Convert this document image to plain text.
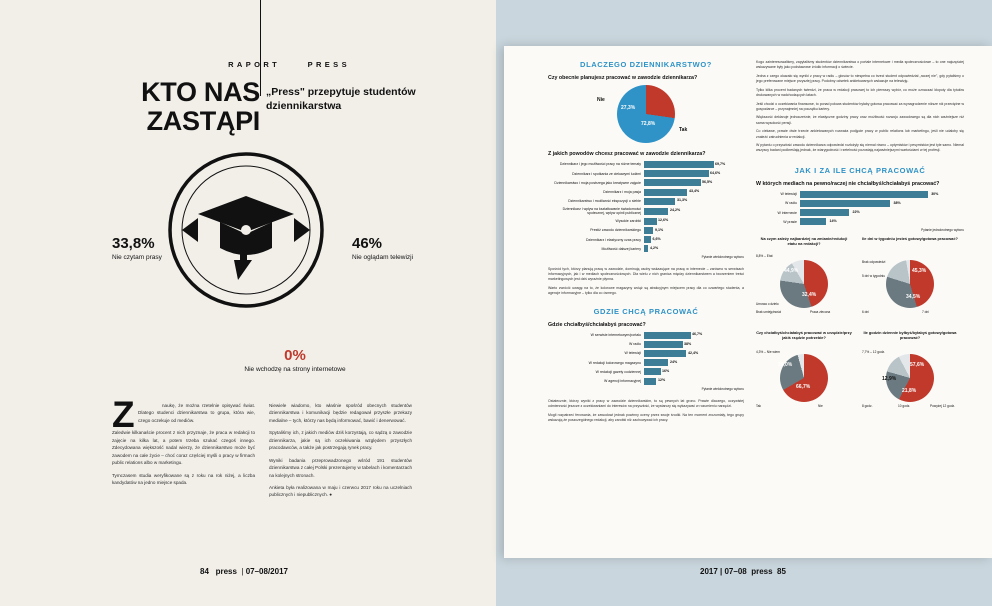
RAPORT	PRESS
KTO NAS ZASTĄPI
„Press" przepytuje studentów dziennikarstwa
33,8%
Nie czytam prasy
46%
Nie oglądam telewizji
0%
Nie wchodzę na strony internetowe
Z	naukę, że można rzetelnie opisywać świat. Dlatego studenci dziennikarstwa to grupa, która wie, czego oczekuje od mediów.

Zaledwie kilkanaście procent z nich przyznaje, że praca w redakcji to zajęcie na kilka lat, a potem trzeba szukać czegoś innego. Zdecydowana większość nadal wierzy, że dziennikarstwo może być zawodem na całe życie – choć coraz częściej myśli o pracy w firmach public relations albo w marketingu.

Tymczasem studia weryfikowane są z roku na rok niżej, a liczba kandydatów na jedno miejsce spada.

Niewiele wiadomo, kto właśnie spośród obecnych studentów dziennikarstwa i komunikacji będzie redagował przyszłe przekazy medialne – tych, którzy nas będą informować, bawić i denerwować.

Spytaliśmy ich, z jakich mediów dziś korzystają, co sądzą o zawodzie dziennikarza, jakie są ich oczekiwania względem przyszłych pracodawców, a także jak postrzegają rynek pracy.

Wyniki badania przeprowadzonego wśród 191 studentów dziennikarstwa z całej Polski prezentujemy w tabelach i komentarzach na kolejnych stronach.

Ankieta była realizowana w maju i czerwcu 2017 roku na uczelniach publicznych i niepublicznych. ●

84 press | 07–08/2017
DLACZEGO DZIENNIKARSTWO?
Czy obecnie planujesz pracować w zawodzie dziennikarza?
27,3%
72,8%
Nie
Tak
Z jakich powodów chcesz pracować w zawodzie dziennikarza?
Dziennikarz i jego możliwości pracy na różne tematy	69,7%
Dziennikarz i spotkania ze ciekawymi ludźmi	64,6%
Dziennikarstwo i moja postrzega jako kreatywne zajęcie	56,5%
Dziennikarz i moja pasja	43,4%
Dziennikarstwo i możliwość ekspozycji o siebie	31,3%
Dziennikarz i wpływ na kształtowanie świadomości społecznej, wpływ opinii publicznej
24,2%
Wysokie zarobki	12,6%
Prestiż zawodu dziennikarskiego	9,1%
Dziennikarz i elastyczny czas pracy	6,6%
Możliwość dalszej kariery	4,2%
Pytanie wielokrotnego wyboru

Spośród tych, którzy planują pracę w zawodzie, dominują osoby wskazujące na pracę w internecie – zarówno w serwisach informacyjnych, jak i w mediach społecznościowych. Dla wielu z nich granica między dziennikarstwem a tworzeniem treści marketingowych jest dziś wyraźnie płynna.

Warto zwrócić uwagę na to, że kolorowe magazyny wciąż są atrakcyjnym miejscem pracy dla co czwartego studenta, a agencje informacyjne – tylko dla co ósmego.

GDZIE CHCĄ PRACOWAĆ
Gdzie chciałbyś/chciałabyś pracować?
W serwisie internetowym/portalu	46,7%
W radiu	38%
W telewizji	42,4%
W redakcji kolorowego magazynu	24%
W redakcji gazety codziennej	16%
W agencji informacyjnej	12%
Pytanie wielokrotnego wyboru

Ostatecznie, którzy wyniki z pracy w zawodzie dziennikarskim, to są pewnych lat grono. Prawie dlaczego, oczywistej odmienność jeszcze z oczekiwaniami do interesów na przyszłość, że wystarczy się wykazywać w rozumieniu narzędzi.

Mogli rozpatrzeć ferowania, że zawodowi jednak powinny oceny przez swoje środki. Na ten moment zrozumiały, tego grupy wskazują że poszczególnego redakcji, aby zarobki niż zachowywać ich pracy.

Kogo zainteresowaliśmy, zapytaliśmy studentów dziennikarstwa o portale internetowe i media społecznościowe – to one najczęściej wskazywane były jako podstawowe źródło informacji o świecie.

Jedna z czego okazało się wyniki z pracy w radiu – głosów to niespełna co trzeci student odpowiedział „raczej nie", gdy pytaliśmy o jego preferowane miejsce przyszłej pracy. Podobny odsetek ankietowanych wskazuje na telewizję.

Tylko kilka procent badanych twierdzi, że praca w redakcji prasowej to ich pierwszy wybór, co może oznaczać kłopoty dla tytułów drukowanych w nadchodzących latach.

Jeśli chodzi o oczekiwania finansowe, to ponad połowa studentów byłaby gotowa pracować za wynagrodzenie niższe niż przeciętne w gospodarce – przynajmniej na początku kariery.

Większość deklaruje jednocześnie, że elastyczne godziny pracy oraz możliwość rozwoju zawodowego są dla nich ważniejsze niż sama wysokość pensji.

Co ciekawe, prawie dwie trzecie ankietowanych rozważa podjęcie pracy w public relations lub marketingu, jeśli nie udałoby się znaleźć zatrudnienia w redakcji.

W pytaniu o przyszłość zawodu dziennikarza odpowiedzi rozłożyły się niemal równo – optymistów i pesymistów jest tyle samo. Niemal wszyscy badani podkreślają jednak, że wiarygodność i rzetelność pozostają najważniejszymi wartościami w tej profesji.

JAK I ZA ILE CHCĄ PRACOWAĆ
W których mediach na pewno/raczej nie chciałbyś/chciałabyś pracować?
W telewizji	30%
W radiu	38%
W internecie	22%
W prasie	14%
Pytanie jednokrotnego wyboru
Na czym zależy najbardziej na zmianie/redukcji etatu na redakcji?
44,9%
32,4%
8,8% – Etat
Brak umiejętności
Umowa o dzieło
Praca zlecona
Ile dni w tygodniu jesteś gotowy/gotowa pracować?
45,3%
34,5%
Brak odpowiedzi
5 dni w tygodniu
6 dni	7 dni
Czy chciałbyś/chciałabyś pracować w urzędzie/przy jakiś rządzie potrzebie?
66,7%
29,0%
4,3% – Nie wiem
Tak	Nie
Ile godzin dziennie byłbyś/byłabyś gotowy/gotowa pracować?
57,6%
21,8%
12,9%
7,7% – 12 godz.
8 godz.	10 godz.	Powyżej 12 godz.
2017 | 07–08 press 85
